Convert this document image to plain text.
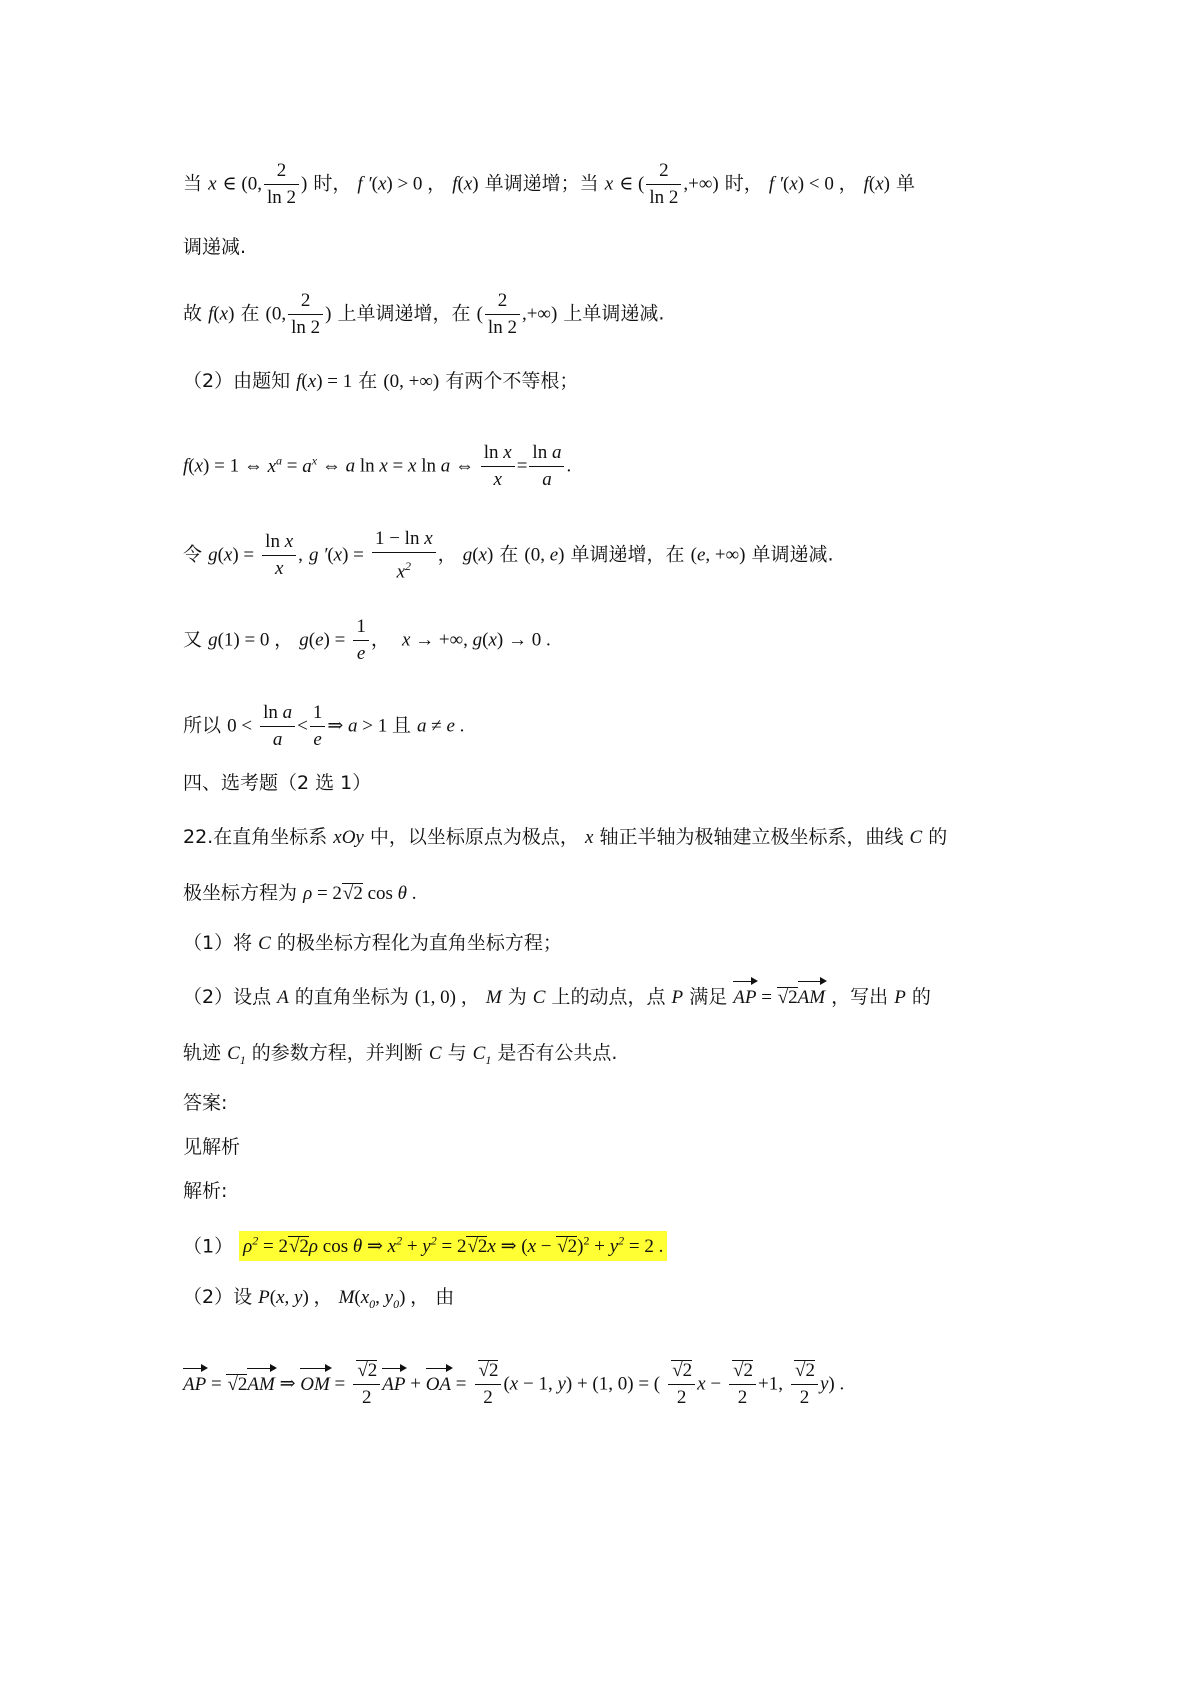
当 x ∈ (0, $\frac{2}{\ln 2}$ ) 时， f ′(x) > 0 ， f(x) 单调递增；当 x ∈ ( $\frac{2}{\ln 2}$ ,+∞) 时， f ′(x) < 0 ， f(x) 单
调递减.
故 f(x) 在 (0, $\frac{2}{\ln 2}$ ) 上单调递增，在 ( $\frac{2}{\ln 2}$ ,+∞) 上单调递减.
（2）由题知 f(x) = 1 在 (0, +∞) 有两个不等根；
f(x) = 1 ⇔ $x^a = a^x$ ⇔ a ln x = x ln a ⇔ $\frac{\text{ln x}}{x} = \frac{\text{ln a}}{a}$ .
令 $g(x) = \frac{\text{ln x}}{x}$ , g $'(x) = \frac{\text{1 − ln x}}{x^2}$ ， g(x) 在 (0, e) 单调递增，在 (e, +∞) 单调递减.
又 g(1) = 0 ， $g(e) = \frac{1}{e}$ ， x → +∞, g(x) → 0 .
所以 $0 < \frac{\text{ln a}}{a} < \frac{1}{e}$ ⇒ a > 1 且 a ≠ e .
四、选考题（2 选 1）
22.在直角坐标系 xOy 中，以坐标原点为极点， x 轴正半轴为极轴建立极坐标系，曲线 C 的
极坐标方程为 ρ = 2√2 cos θ .
（1）将 C 的极坐标方程化为直角坐标方程；
（2）设点 A 的直角坐标为 (1, 0) ， M 为 C 上的动点，点 P 满足 AP = √2AM ，写出 P 的
轨迹 $C_1$ 的参数方程，并判断 C 与 $C_1$ 是否有公共点.
答案:
见解析
解析:
（1） $\rho^2 = 2√2\rho$ cos θ ⇒ $x^2 + y^2 = 2√2x$ ⇒ $(x - √2)^2 + y^2 = 2$ .
（2）设 P(x, y) ， $M(x_0$, $y_0$) ， 由
AP = √2AM ⇒ OM = $\frac{√2}{2}$ AP + OA = $\frac{√2}{2} (x - 1$, y) + (1, 0) = ( $\frac{√2}{2}$ $x - \frac{√2}{2} +1$, $\frac{√2}{2} y$) .
